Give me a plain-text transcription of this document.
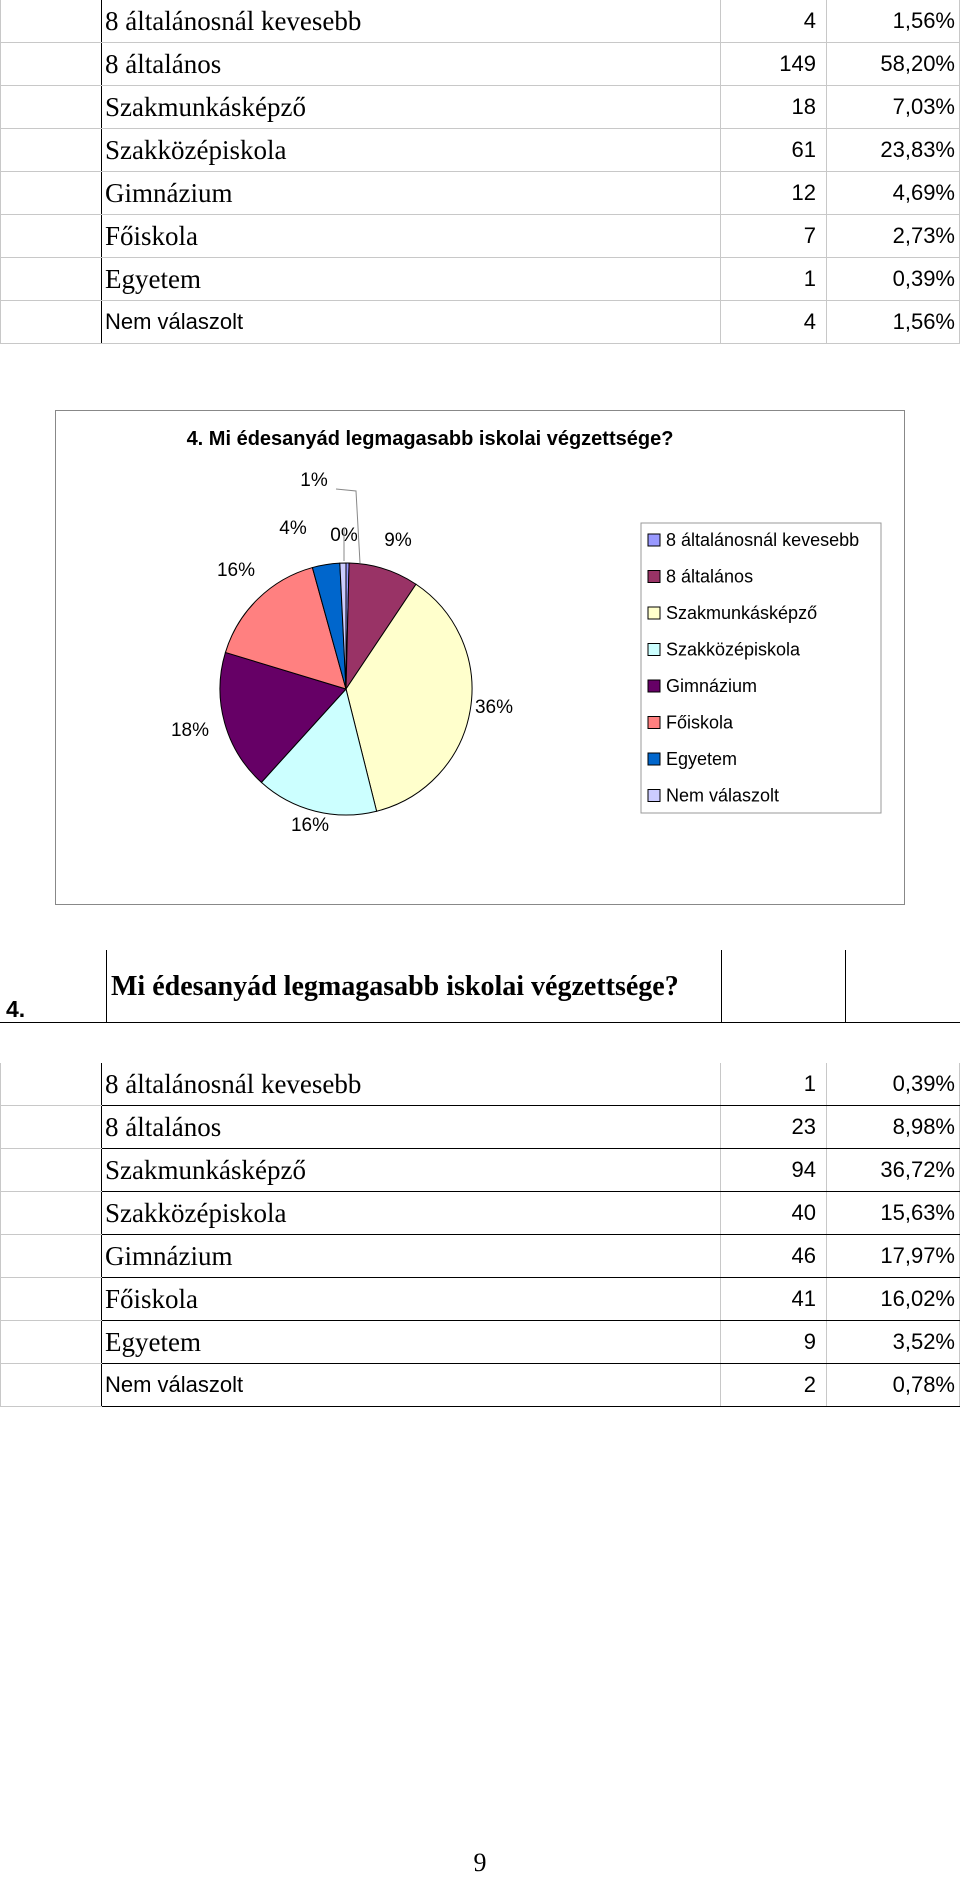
	8 általánosnál kevesebb	4	1,56%
	8 általános	149	58,20%
	Szakmunkásképző	18	7,03%
	Szakközépiskola	61	23,83%
	Gimnázium	12	4,69%
	Főiskola	7	2,73%
	Egyetem	1	0,39%
	Nem válaszolt	4	1,56%
4. Mi édesanyád legmagasabb iskolai végzettsége?
0% 9%
36%
16%
18%
16%
4%
1%
8 általánosnál kevesebb
8 általános
Szakmunkásképző
Szakközépiskola
Gimnázium
Főiskola
Egyetem
Nem válaszolt
4.	Mi édesanyád legmagasabb iskolai végzettsége?		
	8 általánosnál kevesebb	1	0,39%
	8 általános	23	8,98%
	Szakmunkásképző	94	36,72%
	Szakközépiskola	40	15,63%
	Gimnázium	46	17,97%
	Főiskola	41	16,02%
	Egyetem	9	3,52%
	Nem válaszolt	2	0,78%
9
